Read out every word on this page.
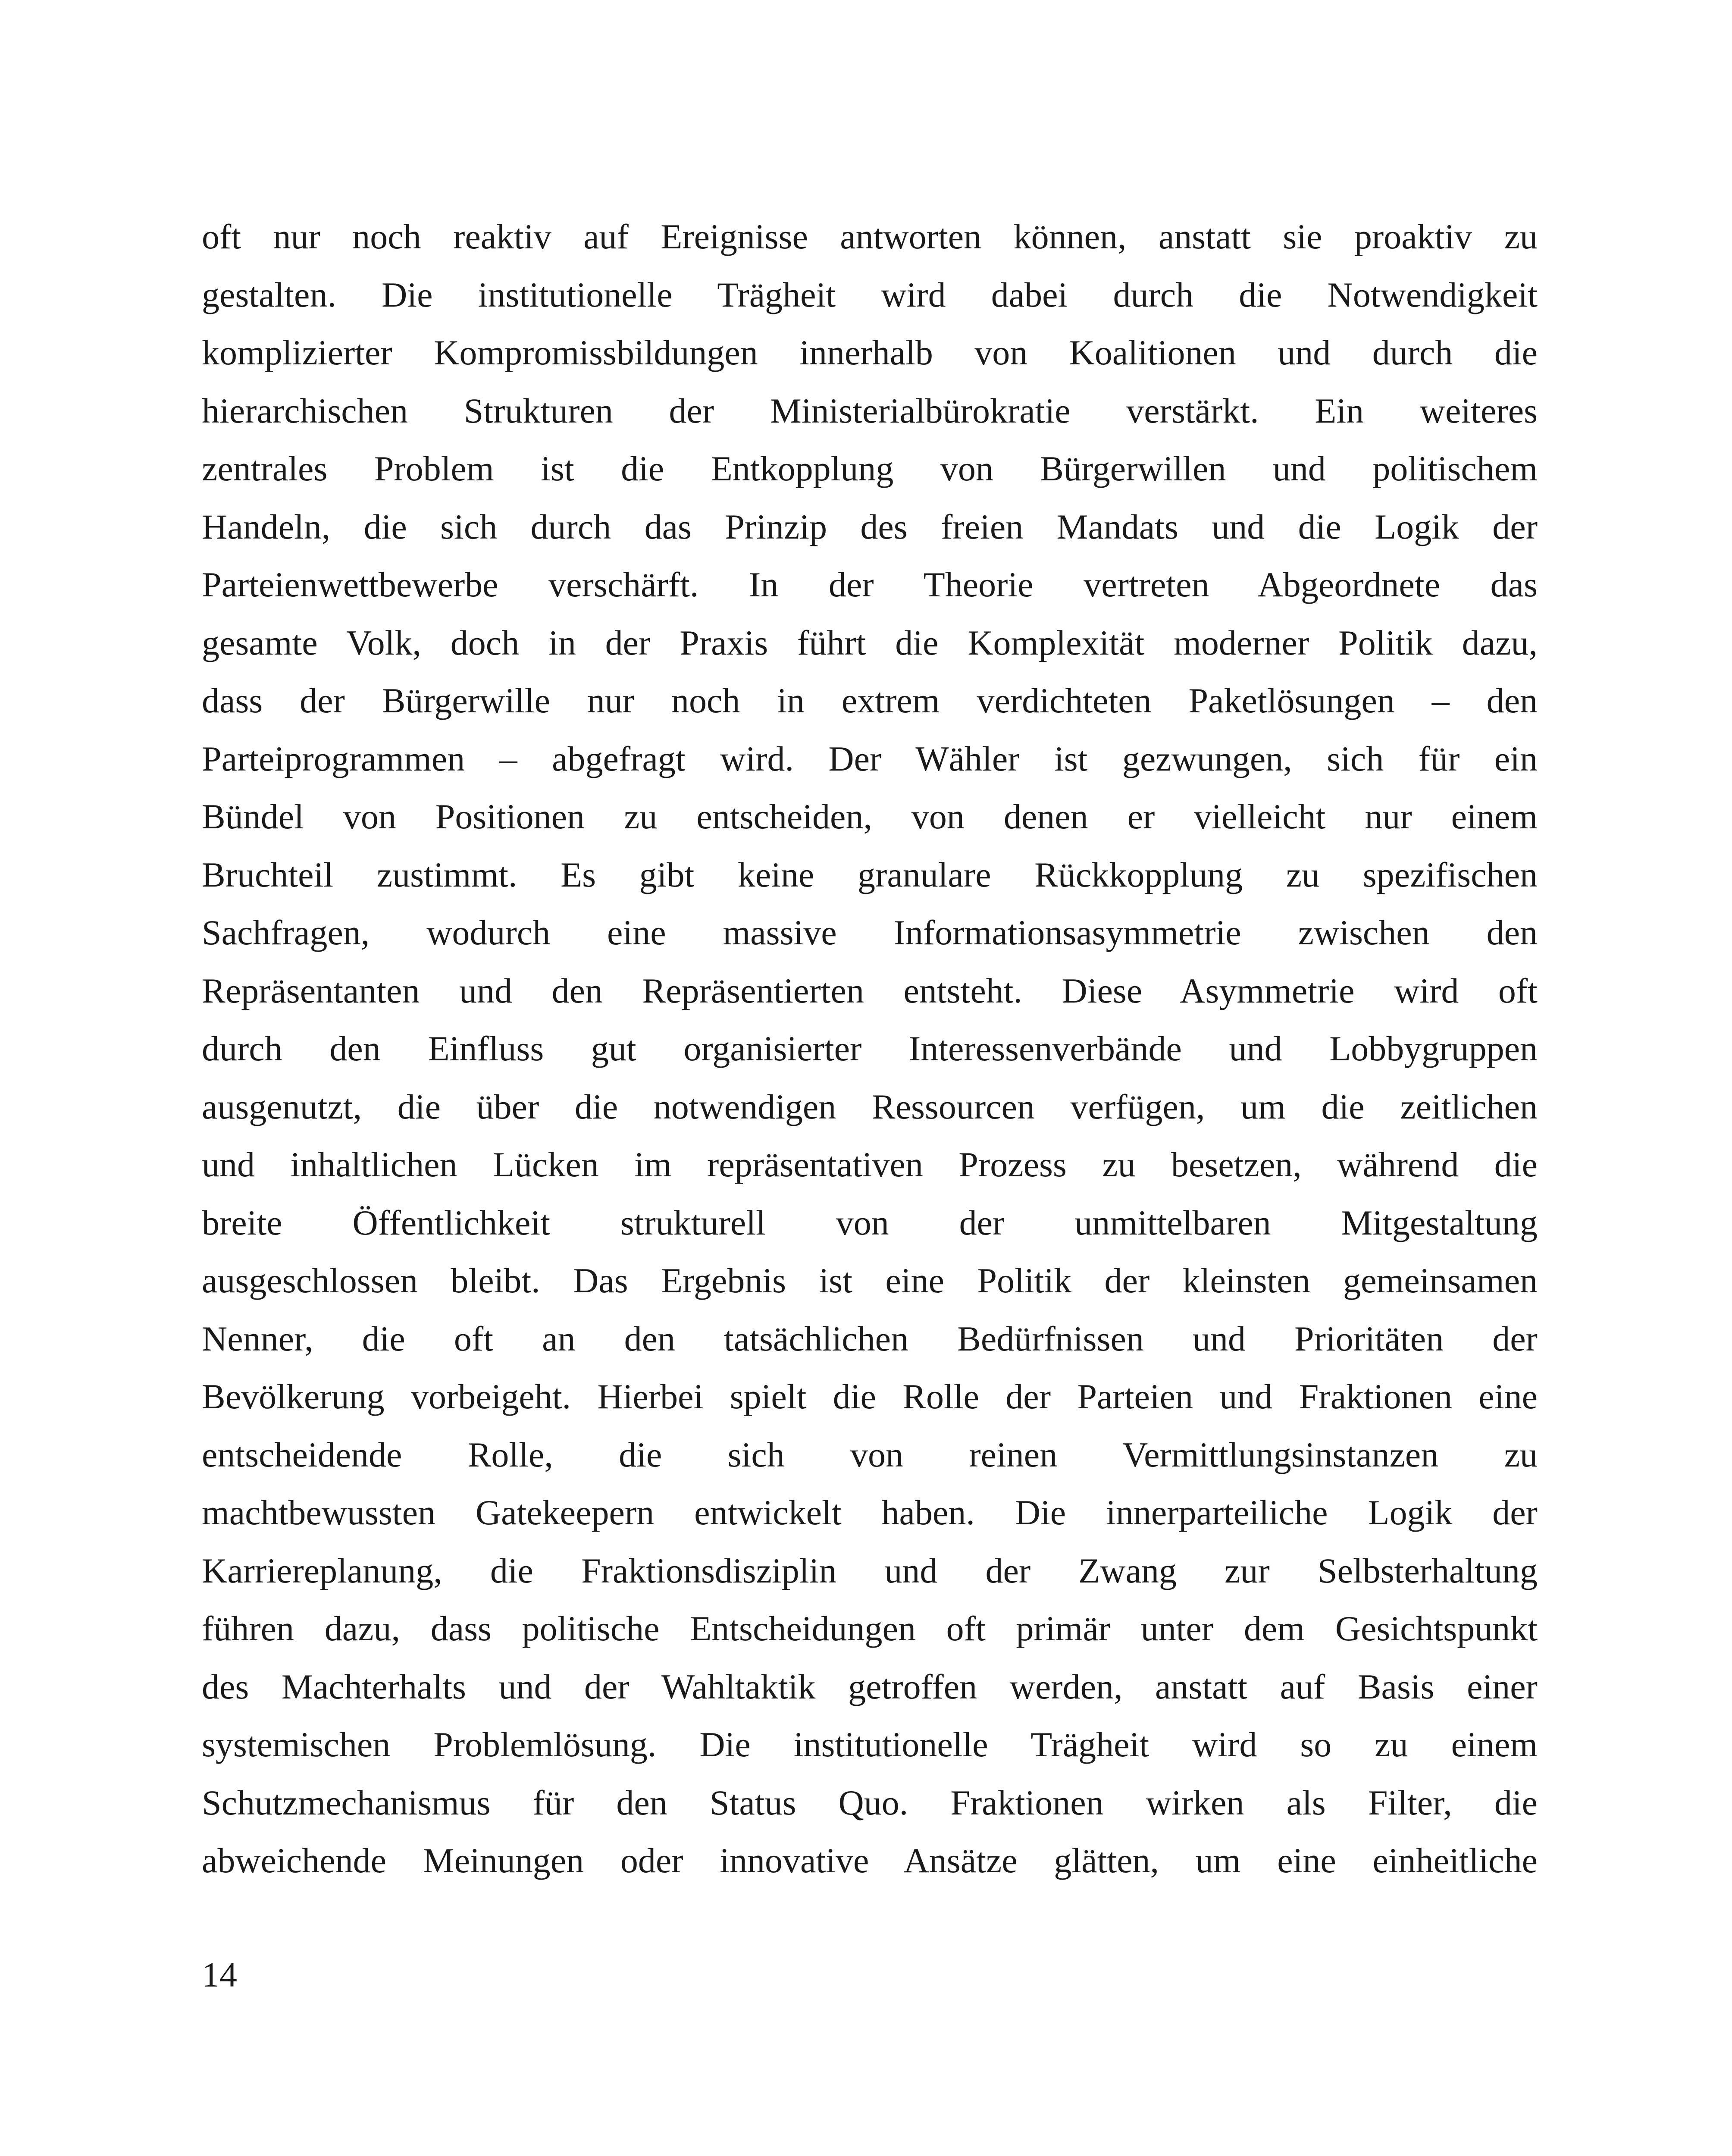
oft nur noch reaktiv auf Ereignisse antworten können, anstatt sie proaktiv zu
gestalten. Die institutionelle Trägheit wird dabei durch die Notwendigkeit
komplizierter Kompromissbildungen innerhalb von Koalitionen und durch die
hierarchischen Strukturen der Ministerialbürokratie verstärkt. Ein weiteres
zentrales Problem ist die Entkopplung von Bürgerwillen und politischem
Handeln, die sich durch das Prinzip des freien Mandats und die Logik der
Parteienwettbewerbe verschärft. In der Theorie vertreten Abgeordnete das
gesamte Volk, doch in der Praxis führt die Komplexität moderner Politik dazu,
dass der Bürgerwille nur noch in extrem verdichteten Paketlösungen – den
Parteiprogrammen – abgefragt wird. Der Wähler ist gezwungen, sich für ein
Bündel von Positionen zu entscheiden, von denen er vielleicht nur einem
Bruchteil zustimmt. Es gibt keine granulare Rückkopplung zu spezifischen
Sachfragen, wodurch eine massive Informationsasymmetrie zwischen den
Repräsentanten und den Repräsentierten entsteht. Diese Asymmetrie wird oft
durch den Einfluss gut organisierter Interessenverbände und Lobbygruppen
ausgenutzt, die über die notwendigen Ressourcen verfügen, um die zeitlichen
und inhaltlichen Lücken im repräsentativen Prozess zu besetzen, während die
breite Öffentlichkeit strukturell von der unmittelbaren Mitgestaltung
ausgeschlossen bleibt. Das Ergebnis ist eine Politik der kleinsten gemeinsamen
Nenner, die oft an den tatsächlichen Bedürfnissen und Prioritäten der
Bevölkerung vorbeigeht. Hierbei spielt die Rolle der Parteien und Fraktionen eine
entscheidende Rolle, die sich von reinen Vermittlungsinstanzen zu
machtbewussten Gatekeepern entwickelt haben. Die innerparteiliche Logik der
Karriereplanung, die Fraktionsdisziplin und der Zwang zur Selbsterhaltung
führen dazu, dass politische Entscheidungen oft primär unter dem Gesichtspunkt
des Machterhalts und der Wahltaktik getroffen werden, anstatt auf Basis einer
systemischen Problemlösung. Die institutionelle Trägheit wird so zu einem
Schutzmechanismus für den Status Quo. Fraktionen wirken als Filter, die
abweichende Meinungen oder innovative Ansätze glätten, um eine einheitliche

14
